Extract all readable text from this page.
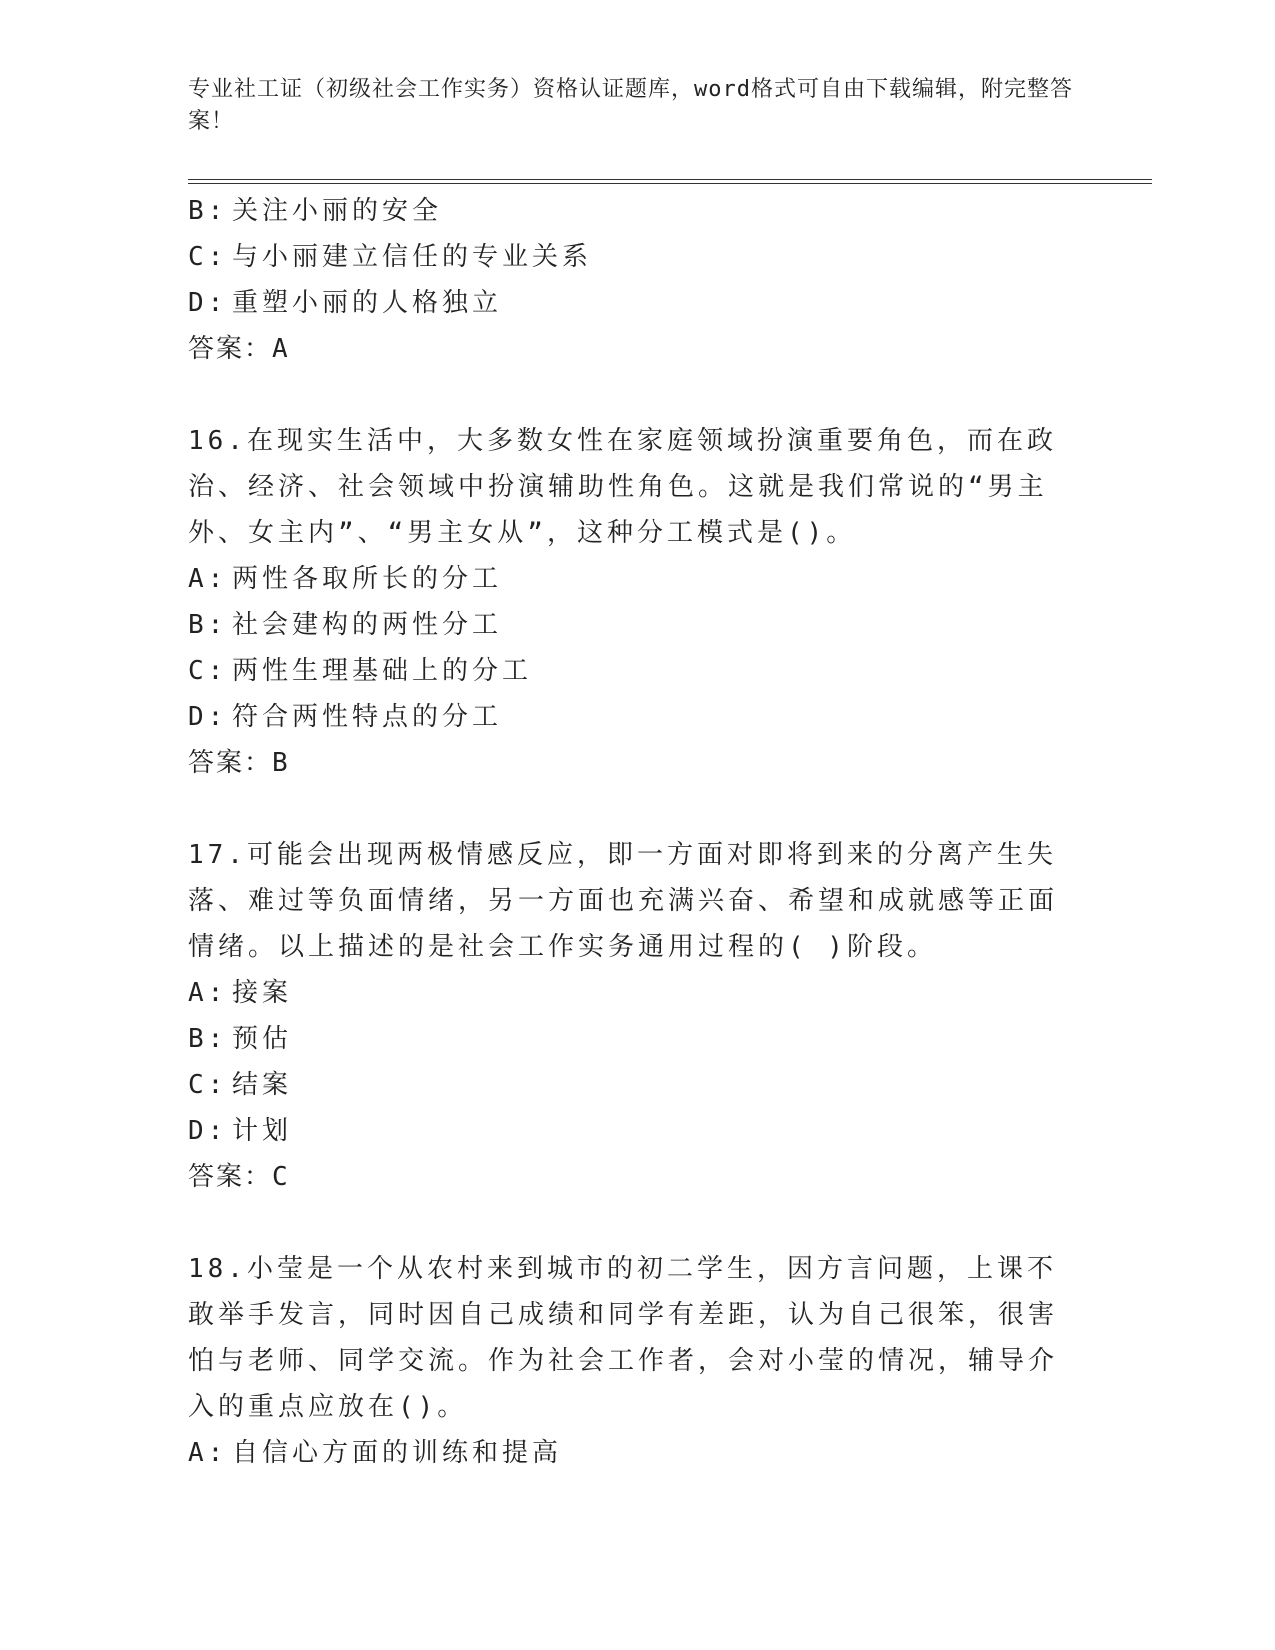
专业社工证（初级社会工作实务）资格认证题库，word格式可自由下载编辑，附完整答案！
B: 关注小丽的安全
C: 与小丽建立信任的专业关系
D: 重塑小丽的人格独立
答案：A
16.在现实生活中，大多数女性在家庭领域扮演重要角色，而在政治、经济、社会领域中扮演辅助性角色。这就是我们常说的“男主外、女主内”、“男主女从”，这种分工模式是()。
A: 两性各取所长的分工
B: 社会建构的两性分工
C: 两性生理基础上的分工
D: 符合两性特点的分工
答案：B
17.可能会出现两极情感反应，即一方面对即将到来的分离产生失落、难过等负面情绪，另一方面也充满兴奋、希望和成就感等正面情绪。以上描述的是社会工作实务通用过程的( )阶段。
A: 接案
B: 预估
C: 结案
D: 计划
答案：C
18.小莹是一个从农村来到城市的初二学生，因方言问题，上课不敢举手发言，同时因自己成绩和同学有差距，认为自己很笨，很害怕与老师、同学交流。作为社会工作者，会对小莹的情况，辅导介入的重点应放在()。
A: 自信心方面的训练和提高
